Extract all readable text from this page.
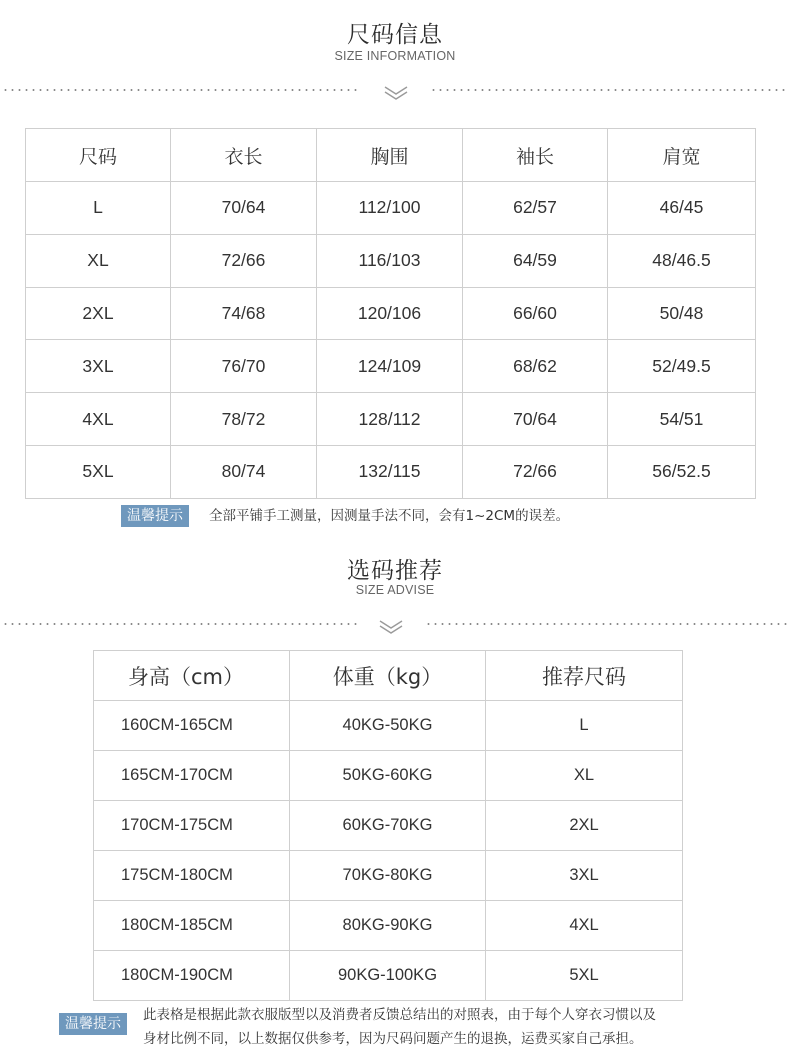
尺码信息
SIZE INFORMATION
尺码	衣长	胸围	袖长	肩宽
L	70/64	112/100	62/57	46/45
XL	72/66	116/103	64/59	48/46.5
2XL	74/68	120/106	66/60	50/48
3XL	76/70	124/109	68/62	52/49.5
4XL	78/72	128/112	70/64	54/51
5XL	80/74	132/115	72/66	56/52.5
温馨提示	全部平铺手工测量，因测量手法不同，会有1~2CM的误差。
选码推荐
SIZE ADVISE
身高（cm）	体重（kg）	推荐尺码
160CM-165CM	40KG-50KG	L
165CM-170CM	50KG-60KG	XL
170CM-175CM	60KG-70KG	2XL
175CM-180CM	70KG-80KG	3XL
180CM-185CM	80KG-90KG	4XL
180CM-190CM	90KG-100KG	5XL
温馨提示
此表格是根据此款衣服版型以及消费者反馈总结出的对照表，由于每个人穿衣习惯以及
身材比例不同，以上数据仅供参考，因为尺码问题产生的退换，运费买家自己承担。
